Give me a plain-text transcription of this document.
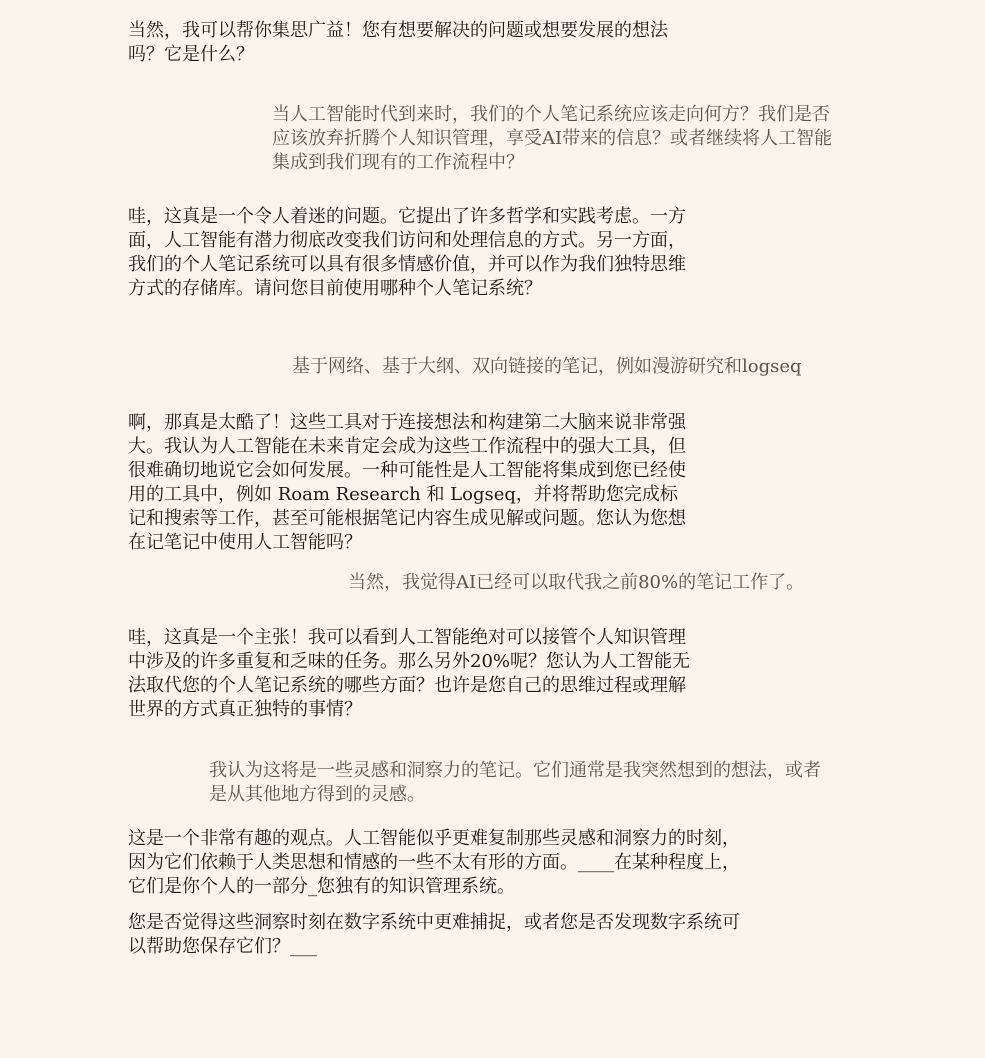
当然，我可以帮你集思广益！您有想要解决的问题或想要发展的想法吗？它是什么？

当人工智能时代到来时，我们的个人笔记系统应该走向何方？我们是否应该放弃折腾个人知识管理，享受AI带来的信息？或者继续将人工智能集成到我们现有的工作流程中？

哇，这真是一个令人着迷的问题。它提出了许多哲学和实践考虑。一方面，人工智能有潜力彻底改变我们访问和处理信息的方式。另一方面，我们的个人笔记系统可以具有很多情感价值，并可以作为我们独特思维方式的存储库。请问您目前使用哪种个人笔记系统？

基于网络、基于大纲、双向链接的笔记，例如漫游研究和logseq

啊，那真是太酷了！这些工具对于连接想法和构建第二大脑来说非常强大。我认为人工智能在未来肯定会成为这些工作流程中的强大工具，但很难确切地说它会如何发展。一种可能性是人工智能将集成到您已经使用的工具中，例如 Roam Research 和 Logseq，并将帮助您完成标记和搜索等工作，甚至可能根据笔记内容生成见解或问题。您认为您想在记笔记中使用人工智能吗？

当然，我觉得AI已经可以取代我之前80%的笔记工作了。

哇，这真是一个主张！我可以看到人工智能绝对可以接管个人知识管理中涉及的许多重复和乏味的任务。那么另外20%呢？您认为人工智能无法取代您的个人笔记系统的哪些方面？也许是您自己的思维过程或理解世界的方式真正独特的事情？

我认为这将是一些灵感和洞察力的笔记。它们通常是我突然想到的想法，或者是从其他地方得到的灵感。

这是一个非常有趣的观点。人工智能似乎更难复制那些灵感和洞察力的时刻，因为它们依赖于人类思想和情感的一些不太有形的方面。____在某种程度上，它们是你个人的一部分_您独有的知识管理系统。

您是否觉得这些洞察时刻在数字系统中更难捕捉，或者您是否发现数字系统可以帮助您保存它们？___
